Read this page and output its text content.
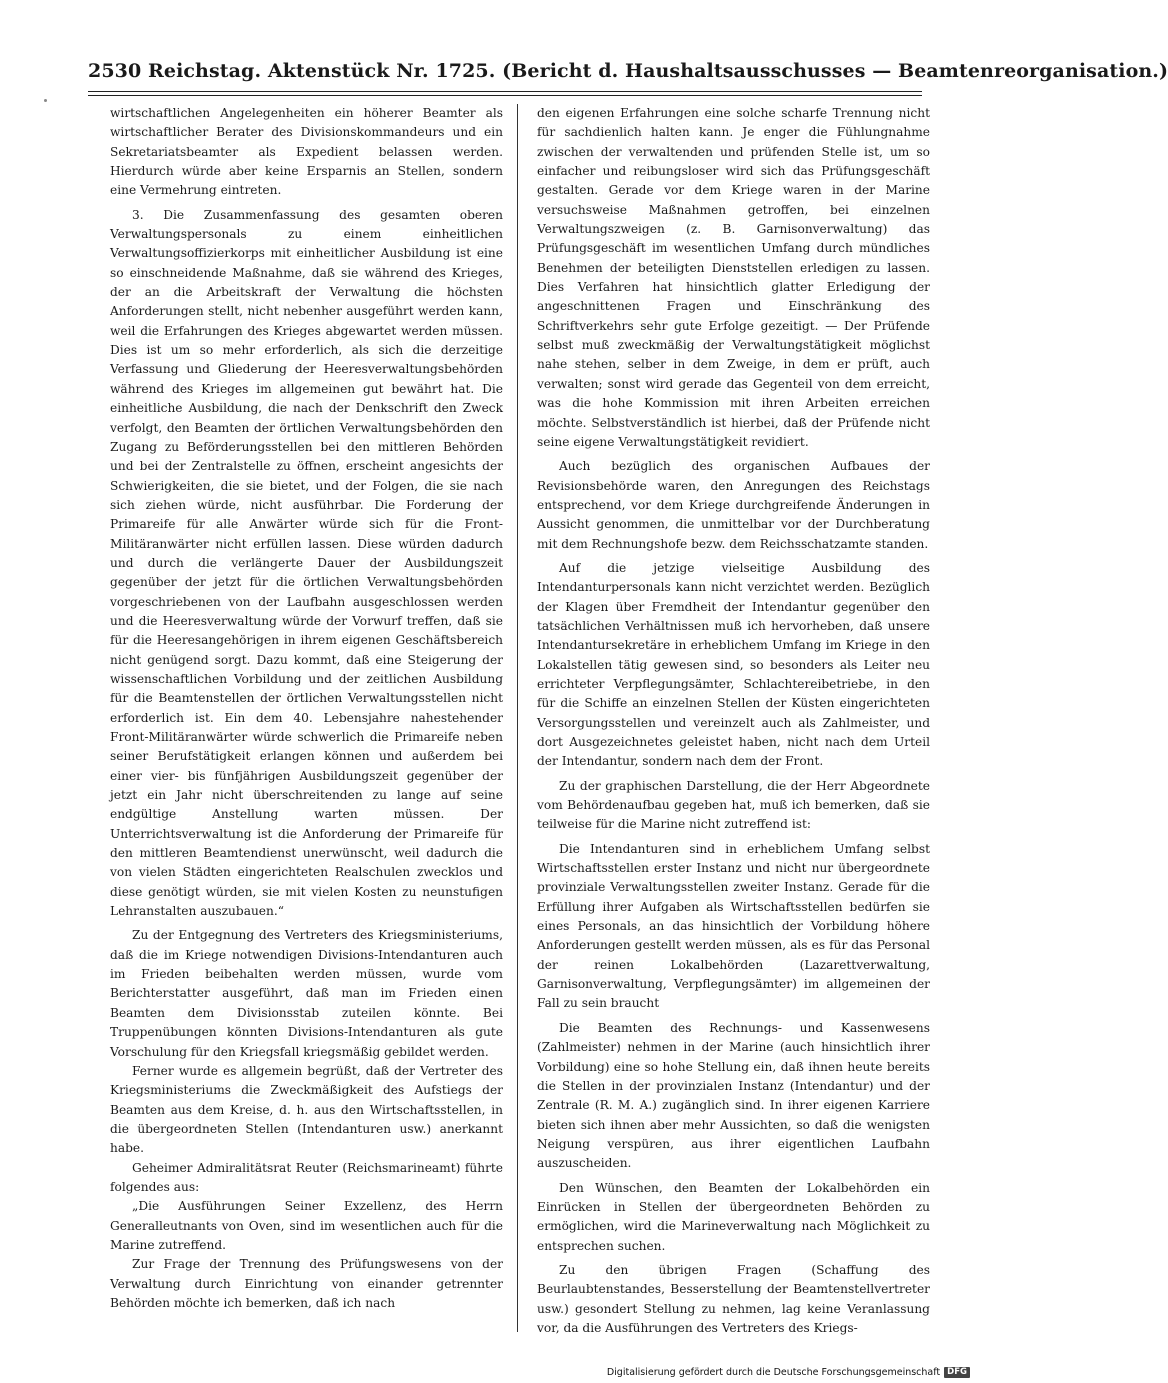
2530 Reichstag. Aktenstück Nr. 1725. (Bericht d. Haushaltsausschusses — Beamtenreorganisation.)

wirtschaftlichen Angelegenheiten ein höherer Beamter als wirtschaftlicher Berater des Divisionskommandeurs und ein Sekretariatsbeamter als Expedient belassen werden. Hierdurch würde aber keine Ersparnis an Stellen, sondern eine Vermehrung eintreten.

3. Die Zusammenfassung des gesamten oberen Verwaltungspersonals zu einem einheitlichen Verwaltungsoffizierkorps mit einheitlicher Ausbildung ist eine so einschneidende Maßnahme, daß sie während des Krieges, der an die Arbeitskraft der Verwaltung die höchsten Anforderungen stellt, nicht nebenher ausgeführt werden kann, weil die Erfahrungen des Krieges abgewartet werden müssen. Dies ist um so mehr erforderlich, als sich die derzeitige Verfassung und Gliederung der Heeresverwaltungsbehörden während des Krieges im allgemeinen gut bewährt hat. Die einheitliche Ausbildung, die nach der Denkschrift den Zweck verfolgt, den Beamten der örtlichen Verwaltungsbehörden den Zugang zu Beförderungsstellen bei den mittleren Behörden und bei der Zentralstelle zu öffnen, erscheint angesichts der Schwierigkeiten, die sie bietet, und der Folgen, die sie nach sich ziehen würde, nicht ausführbar. Die Forderung der Primareife für alle Anwärter würde sich für die Front-Militäranwärter nicht erfüllen lassen. Diese würden dadurch und durch die verlängerte Dauer der Ausbildungszeit gegenüber der jetzt für die örtlichen Verwaltungsbehörden vorgeschriebenen von der Laufbahn ausgeschlossen werden und die Heeresverwaltung würde der Vorwurf treffen, daß sie für die Heeresangehörigen in ihrem eigenen Geschäftsbereich nicht genügend sorgt. Dazu kommt, daß eine Steigerung der wissenschaftlichen Vorbildung und der zeitlichen Ausbildung für die Beamtenstellen der örtlichen Verwaltungsstellen nicht erforderlich ist. Ein dem 40. Lebensjahre nahestehender Front-Militäranwärter würde schwerlich die Primareife neben seiner Berufstätigkeit erlangen können und außerdem bei einer vier- bis fünfjährigen Ausbildungszeit gegenüber der jetzt ein Jahr nicht überschreitenden zu lange auf seine endgültige Anstellung warten müssen. Der Unterrichtsverwaltung ist die Anforderung der Primareife für den mittleren Beamtendienst unerwünscht, weil dadurch die von vielen Städten eingerichteten Realschulen zwecklos und diese genötigt würden, sie mit vielen Kosten zu neunstufigen Lehranstalten auszubauen.“

Zu der Entgegnung des Vertreters des Kriegsministeriums, daß die im Kriege notwendigen Divisions-Intendanturen auch im Frieden beibehalten werden müssen, wurde vom Berichterstatter ausgeführt, daß man im Frieden einen Beamten dem Divisionsstab zuteilen könnte. Bei Truppenübungen könnten Divisions-Intendanturen als gute Vorschulung für den Kriegsfall kriegsmäßig gebildet werden.

Ferner wurde es allgemein begrüßt, daß der Vertreter des Kriegsministeriums die Zweckmäßigkeit des Aufstiegs der Beamten aus dem Kreise, d. h. aus den Wirtschaftsstellen, in die übergeordneten Stellen (Intendanturen usw.) anerkannt habe.

Geheimer Admiralitätsrat Reuter (Reichsmarineamt) führte folgendes aus:

„Die Ausführungen Seiner Exzellenz, des Herrn Generalleutnants von Oven, sind im wesentlichen auch für die Marine zutreffend.

Zur Frage der Trennung des Prüfungswesens von der Verwaltung durch Einrichtung von einander getrennter Behörden möchte ich bemerken, daß ich nach

den eigenen Erfahrungen eine solche scharfe Trennung nicht für sachdienlich halten kann. Je enger die Fühlungnahme zwischen der verwaltenden und prüfenden Stelle ist, um so einfacher und reibungsloser wird sich das Prüfungsgeschäft gestalten. Gerade vor dem Kriege waren in der Marine versuchsweise Maßnahmen getroffen, bei einzelnen Verwaltungszweigen (z. B. Garnisonverwaltung) das Prüfungsgeschäft im wesentlichen Umfang durch mündliches Benehmen der beteiligten Dienststellen erledigen zu lassen. Dies Verfahren hat hinsichtlich glatter Erledigung der angeschnittenen Fragen und Einschränkung des Schriftverkehrs sehr gute Erfolge gezeitigt. — Der Prüfende selbst muß zweckmäßig der Verwaltungstätigkeit möglichst nahe stehen, selber in dem Zweige, in dem er prüft, auch verwalten; sonst wird gerade das Gegenteil von dem erreicht, was die hohe Kommission mit ihren Arbeiten erreichen möchte. Selbstverständlich ist hierbei, daß der Prüfende nicht seine eigene Verwaltungstätigkeit revidiert.

Auch bezüglich des organischen Aufbaues der Revisionsbehörde waren, den Anregungen des Reichstags entsprechend, vor dem Kriege durchgreifende Änderungen in Aussicht genommen, die unmittelbar vor der Durchberatung mit dem Rechnungshofe bezw. dem Reichsschatzamte standen.

Auf die jetzige vielseitige Ausbildung des Intendanturpersonals kann nicht verzichtet werden. Bezüglich der Klagen über Fremdheit der Intendantur gegenüber den tatsächlichen Verhältnissen muß ich hervorheben, daß unsere Intendantursekretäre in erheblichem Umfang im Kriege in den Lokalstellen tätig gewesen sind, so besonders als Leiter neu errichteter Verpflegungsämter, Schlachtereibetriebe, in den für die Schiffe an einzelnen Stellen der Küsten eingerichteten Versorgungsstellen und vereinzelt auch als Zahlmeister, und dort Ausgezeichnetes geleistet haben, nicht nach dem Urteil der Intendantur, sondern nach dem der Front.

Zu der graphischen Darstellung, die der Herr Abgeordnete vom Behördenaufbau gegeben hat, muß ich bemerken, daß sie teilweise für die Marine nicht zutreffend ist:

Die Intendanturen sind in erheblichem Umfang selbst Wirtschaftsstellen erster Instanz und nicht nur übergeordnete provinziale Verwaltungsstellen zweiter Instanz. Gerade für die Erfüllung ihrer Aufgaben als Wirtschaftsstellen bedürfen sie eines Personals, an das hinsichtlich der Vorbildung höhere Anforderungen gestellt werden müssen, als es für das Personal der reinen Lokalbehörden (Lazarettverwaltung, Garnisonverwaltung, Verpflegungsämter) im allgemeinen der Fall zu sein braucht

Die Beamten des Rechnungs- und Kassenwesens (Zahlmeister) nehmen in der Marine (auch hinsichtlich ihrer Vorbildung) eine so hohe Stellung ein, daß ihnen heute bereits die Stellen in der provinzialen Instanz (Intendantur) und der Zentrale (R. M. A.) zugänglich sind. In ihrer eigenen Karriere bieten sich ihnen aber mehr Aussichten, so daß die wenigsten Neigung verspüren, aus ihrer eigentlichen Laufbahn auszuscheiden.

Den Wünschen, den Beamten der Lokalbehörden ein Einrücken in Stellen der übergeordneten Behörden zu ermöglichen, wird die Marineverwaltung nach Möglichkeit zu entsprechen suchen.

Zu den übrigen Fragen (Schaffung des Beurlaubtenstandes, Besserstellung der Beamtenstellvertreter usw.) gesondert Stellung zu nehmen, lag keine Veranlassung vor, da die Ausführungen des Vertreters des Kriegs-

Digitalisierung gefördert durch die Deutsche Forschungsgemeinschaft DFG
